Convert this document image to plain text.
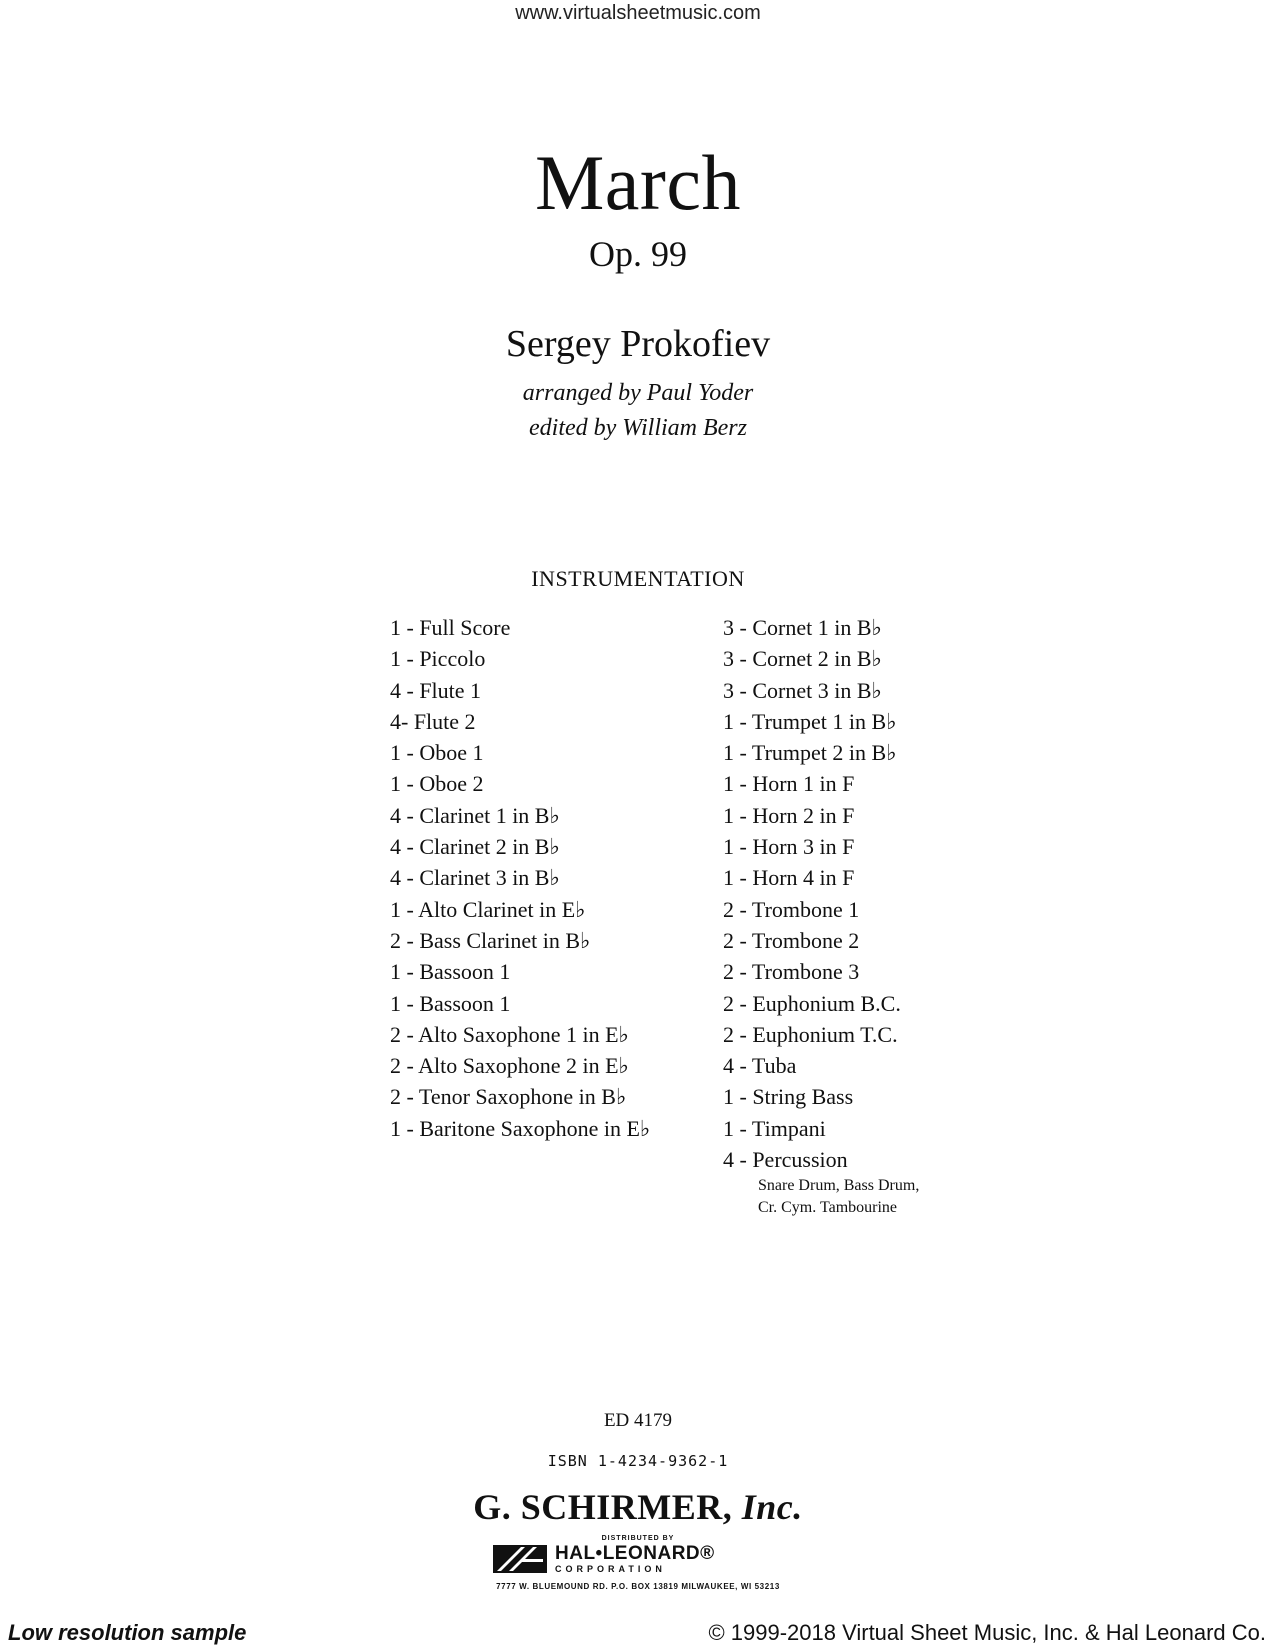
www.virtualsheetmusic.com
March
Op. 99
Sergey Prokofiev
arranged by Paul Yoder
edited by William Berz
INSTRUMENTATION
1 - Full Score
1 - Piccolo
4 - Flute 1
4- Flute 2
1 - Oboe 1
1 - Oboe 2
4 - Clarinet 1 in B♭
4 - Clarinet 2 in B♭
4 - Clarinet 3 in B♭
1 - Alto Clarinet in E♭
2 - Bass Clarinet in B♭
1 - Bassoon 1
1 - Bassoon 1
2 - Alto Saxophone 1 in E♭
2 - Alto Saxophone 2 in E♭
2 - Tenor Saxophone in B♭
1 - Baritone Saxophone in E♭
3 - Cornet 1 in B♭
3 - Cornet 2 in B♭
3 - Cornet 3 in B♭
1 - Trumpet 1 in B♭
1 - Trumpet 2 in B♭
1 - Horn 1 in F
1 - Horn 2 in F
1 - Horn 3 in F
1 - Horn 4 in F
2 - Trombone 1
2 - Trombone 2
2 - Trombone 3
2 - Euphonium B.C.
2 - Euphonium T.C.
4 - Tuba
1 - String Bass
1 - Timpani
4 - Percussion
Snare Drum, Bass Drum,
Cr. Cym. Tambourine
ED 4179
ISBN 1-4234-9362-1
G. SCHIRMER, Inc.
DISTRIBUTED BY
HAL•LEONARD®
CORPORATION
7777 W. BLUEMOUND RD. P.O. BOX 13819 MILWAUKEE, WI 53213
Low resolution sample	© 1999-2018 Virtual Sheet Music, Inc. & Hal Leonard Co.
